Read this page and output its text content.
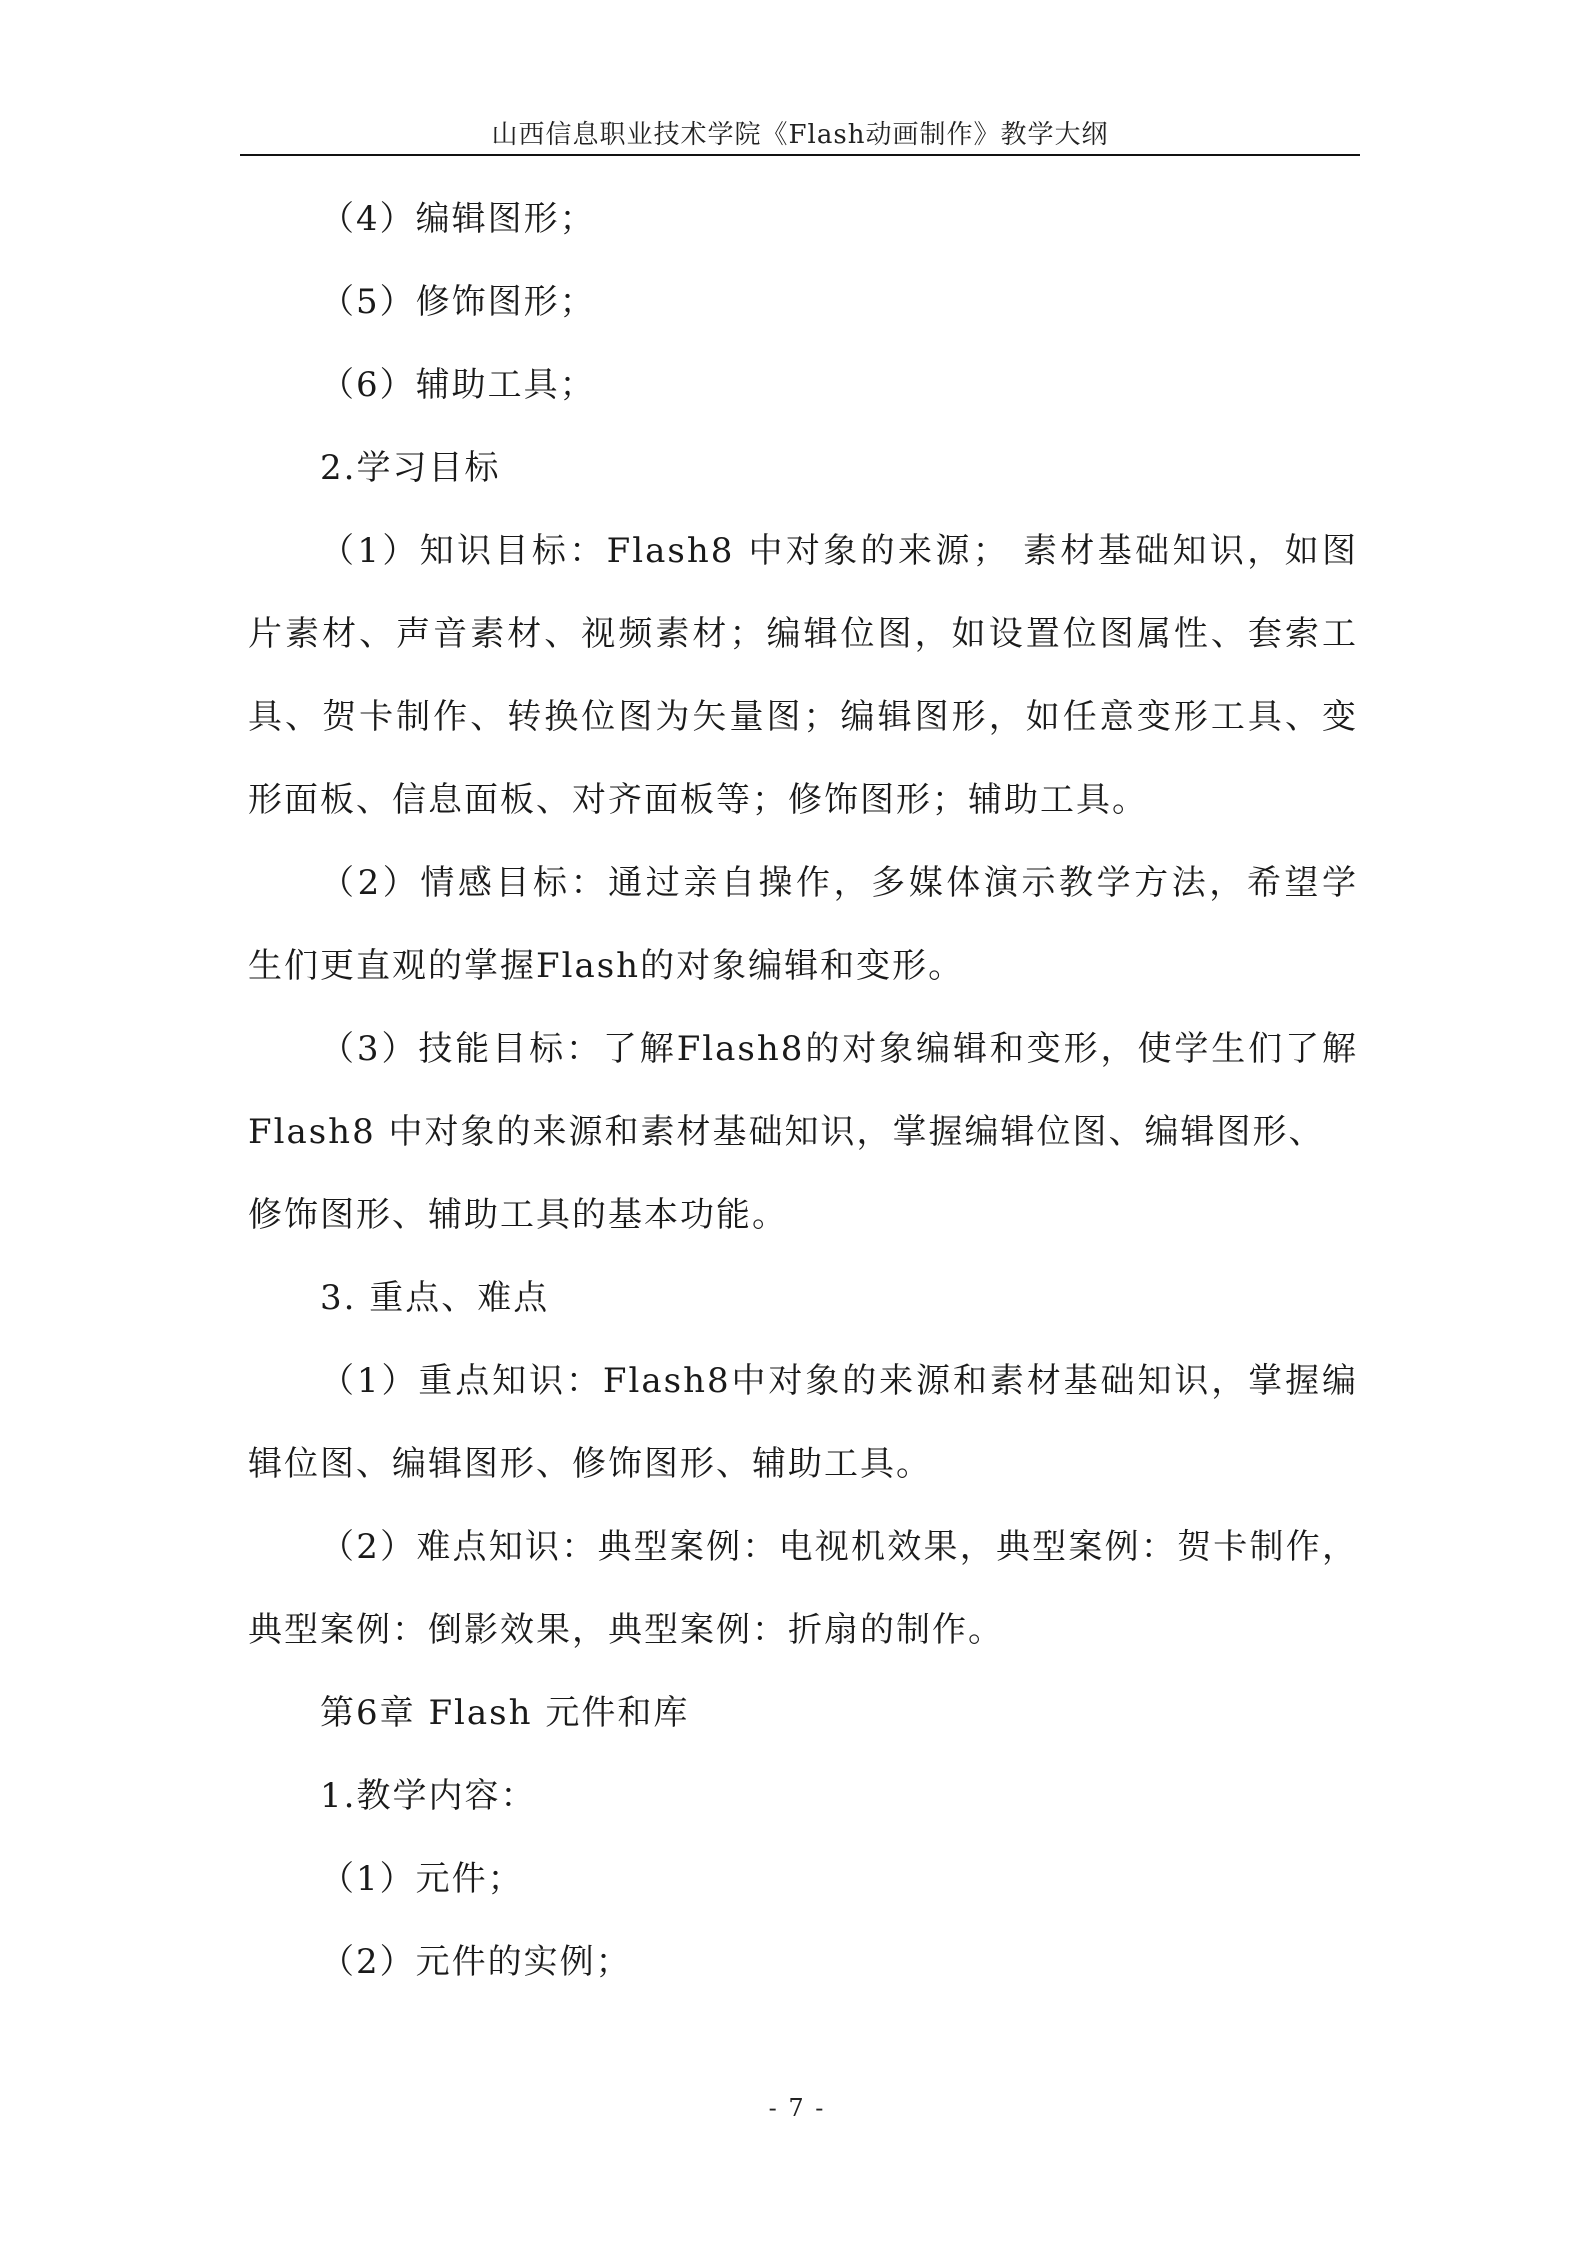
山西信息职业技术学院《Flash动画制作》教学大纲
（4）编辑图形；
（5）修饰图形；
（6）辅助工具；
2.学习目标
（1）知识目标：Flash8 中对象的来源； 素材基础知识，如图
片素材、声音素材、视频素材；编辑位图，如设置位图属性、套索工
具、贺卡制作、转换位图为矢量图；编辑图形，如任意变形工具、变
形面板、信息面板、对齐面板等；修饰图形；辅助工具。
（2）情感目标：通过亲自操作，多媒体演示教学方法，希望学
生们更直观的掌握Flash的对象编辑和变形。
（3）技能目标：了解Flash8的对象编辑和变形，使学生们了解
Flash8 中对象的来源和素材基础知识，掌握编辑位图、编辑图形、
修饰图形、辅助工具的基本功能。
3. 重点、难点
（1）重点知识：Flash8中对象的来源和素材基础知识，掌握编
辑位图、编辑图形、修饰图形、辅助工具。
（2）难点知识：典型案例：电视机效果，典型案例：贺卡制作，
典型案例：倒影效果，典型案例：折扇的制作。
第6章 Flash 元件和库
1.教学内容：
（1）元件；
（2）元件的实例；
- 7 -
